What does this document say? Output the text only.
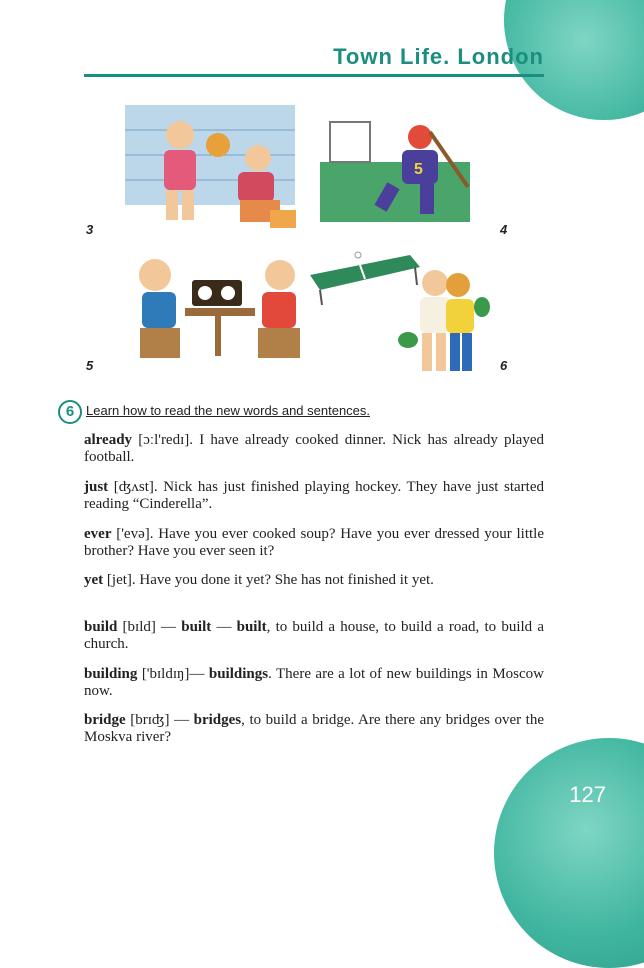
Town Life. London
3
5
4
5	6
6 Learn how to read the new words and sentences.
already [ɔːl'redɪ]. I have already cooked dinner. Nick has already played football.
just [ʤʌst]. Nick has just finished playing hockey. They have just started reading “Cinderella”.
ever ['evə]. Have you ever cooked soup? Have you ever dressed your little brother? Have you ever seen it?
yet [jet]. Have you done it yet? She has not finished it yet.
build [bɪld] — built — built, to build a house, to build a road, to build a church.
building ['bɪldɪŋ]— buildings. There are a lot of new buildings in Moscow now.
bridge [brɪʤ] — bridges, to build a bridge. Are there any bridges over the Moskva river?
127
